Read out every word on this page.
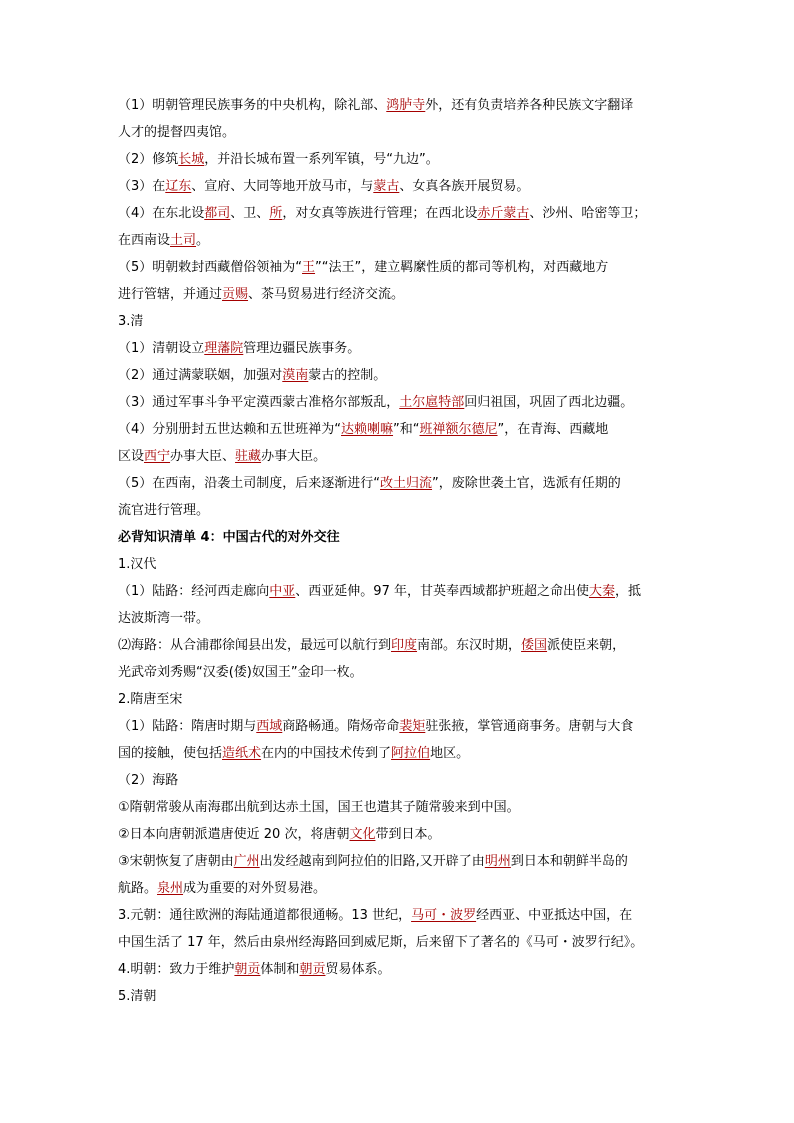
（1）明朝管理民族事务的中央机构，除礼部、鸿胪寺外，还有负责培养各种民族文字翻译

人才的提督四夷馆。

（2）修筑长城，并沿长城布置一系列军镇，号“九边”。

（3）在辽东、宣府、大同等地开放马市，与蒙古、女真各族开展贸易。

（4）在东北设都司、卫、所，对女真等族进行管理；在西北设赤斤蒙古、沙州、哈密等卫；

在西南设土司。

（5）明朝敕封西藏僧俗领袖为“王”“法王”，建立羁縻性质的都司等机构，对西藏地方

进行管辖，并通过贡赐、茶马贸易进行经济交流。

3.清

（1）清朝设立理藩院管理边疆民族事务。

（2）通过满蒙联姻，加强对漠南蒙古的控制。

（3）通过军事斗争平定漠西蒙古准格尔部叛乱，土尔扈特部回归祖国，巩固了西北边疆。

（4）分别册封五世达赖和五世班禅为“达赖喇嘛”和“班禅额尔德尼”，在青海、西藏地

区设西宁办事大臣、驻藏办事大臣。

（5）在西南，沿袭土司制度，后来逐渐进行“改土归流”，废除世袭土官，选派有任期的

流官进行管理。

必背知识清单 4：中国古代的对外交往

1.汉代

（1）陆路：经河西走廊向中亚、西亚延伸。97 年，甘英奉西域都护班超之命出使大秦，抵

达波斯湾一带。

⑵海路：从合浦郡徐闻县出发，最远可以航行到印度南部。东汉时期，倭国派使臣来朝，

光武帝刘秀赐“汉委(倭)奴国王”金印一枚。

2.隋唐至宋

（1）陆路：隋唐时期与西域商路畅通。隋炀帝命裴矩驻张掖，掌管通商事务。唐朝与大食

国的接触，使包括造纸术在内的中国技术传到了阿拉伯地区。

（2）海路

①隋朝常骏从南海郡出航到达赤土国，国王也遣其子随常骏来到中国。

②日本向唐朝派遣唐使近 20 次，将唐朝文化带到日本。

③宋朝恢复了唐朝由广州出发经越南到阿拉伯的旧路,又开辟了由明州到日本和朝鲜半岛的

航路。泉州成为重要的对外贸易港。

3.元朝：通往欧洲的海陆通道都很通畅。13 世纪，马可・波罗经西亚、中亚抵达中国，在

中国生活了 17 年，然后由泉州经海路回到威尼斯，后来留下了著名的《马可・波罗行纪》。

4.明朝：致力于维护朝贡体制和朝贡贸易体系。

5.清朝
